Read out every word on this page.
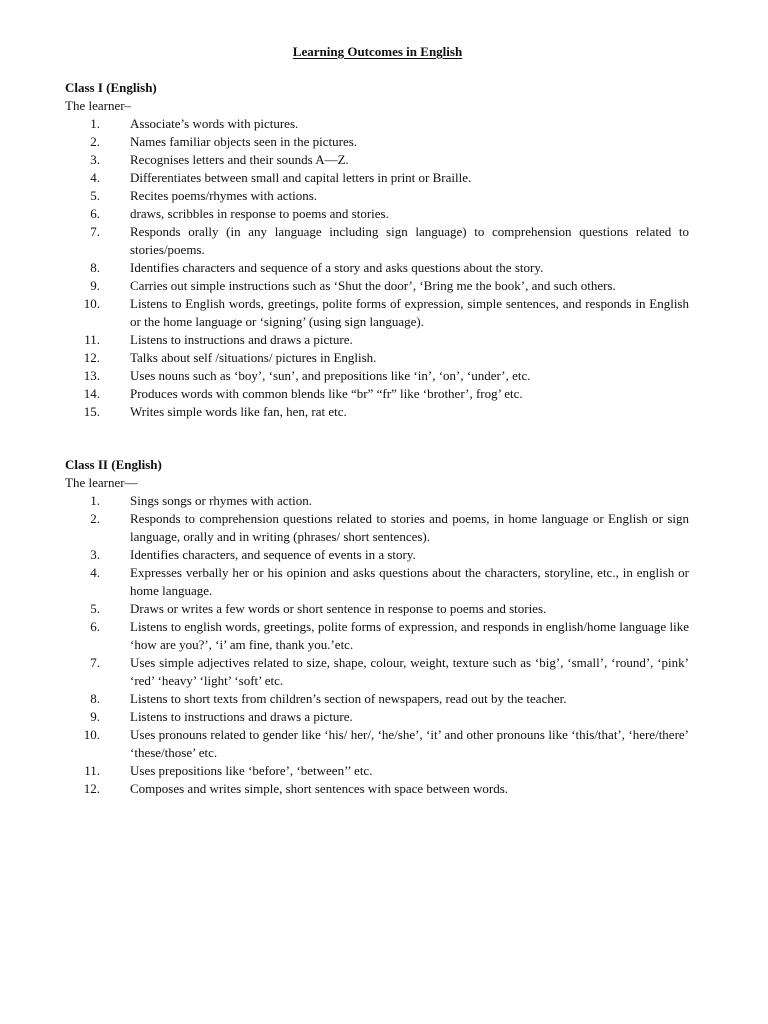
Learning Outcomes in English
Class I (English)
The learner–
1.	Associate’s words with pictures.
2.	Names familiar objects seen in the pictures.
3.	Recognises letters and their sounds A—Z.
4.	Differentiates between small and capital letters in print or Braille.
5.	Recites poems/rhymes with actions.
6.	draws, scribbles in response to poems and stories.
7.	Responds orally (in any language including sign language) to comprehension questions related to stories/poems.
8.	Identifies characters and sequence of a story and asks questions about the story.
9.	Carries out simple instructions such as ‘Shut the door’, ‘Bring me the book’, and such others.
10.	Listens to English words, greetings, polite forms of expression, simple sentences, and responds in English or the home language or ‘signing’ (using sign language).
11.	Listens to instructions and draws a picture.
12.	Talks about self /situations/ pictures in English.
13.	Uses nouns such as ‘boy’, ‘sun’, and prepositions like ‘in’, ‘on’, ‘under’, etc.
14.	Produces words with common blends like “br” “fr” like ‘brother’, frog’ etc.
15.	Writes simple words like fan, hen, rat etc.
Class II (English)
The learner—
1.	Sings songs or rhymes with action.
2.	Responds to comprehension questions related to stories and poems, in home language or English or sign language, orally and in writing (phrases/ short sentences).
3.	Identifies characters, and sequence of events in a story.
4.	Expresses verbally her or his opinion and asks questions about the characters, storyline, etc., in english or home language.
5.	Draws or writes a few words or short sentence in response to poems and stories.
6.	Listens to english words, greetings, polite forms of expression, and responds in english/home language like ‘how are you?’, ‘i’ am fine, thank you.’etc.
7.	Uses simple adjectives related to size, shape, colour, weight, texture such as ‘big’, ‘small’, ‘round’, ‘pink’ ‘red’ ‘heavy’ ‘light’ ‘soft’ etc.
8.	Listens to short texts from children’s section of newspapers, read out by the teacher.
9.	Listens to instructions and draws a picture.
10.	Uses pronouns related to gender like ‘his/ her/, ‘he/she’, ‘it’ and other pronouns like ‘this/that’, ‘here/there’ ‘these/those’ etc.
11.	Uses prepositions like ‘before’, ‘between’’ etc.
12.	Composes and writes simple, short sentences with space between words.
